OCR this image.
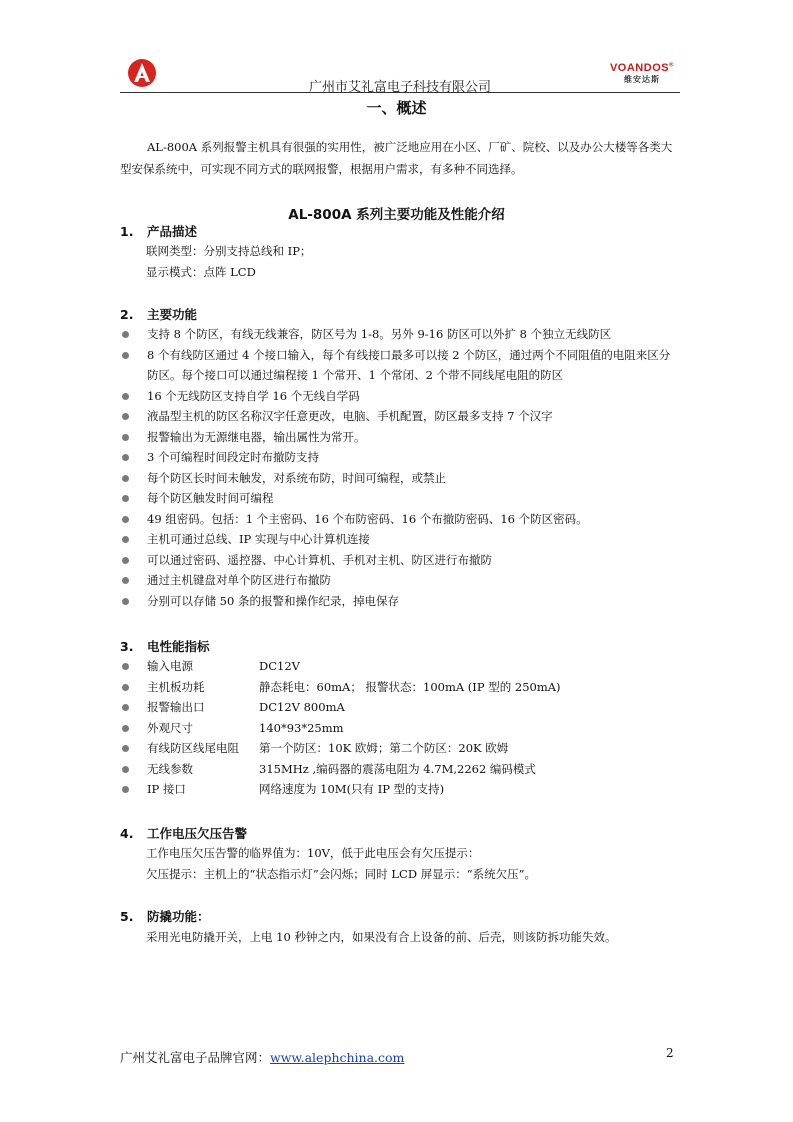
广州市艾礼富电子科技有限公司
VOANDOS®
维安达斯
一、概述
AL-800A 系列报警主机具有很强的实用性，被广泛地应用在小区、厂矿、院校、以及办公大楼等各类大型安保系统中，可实现不同方式的联网报警，根据用户需求，有多种不同选择。
AL-800A 系列主要功能及性能介绍
1. 产品描述
联网类型：分别支持总线和 IP；
显示模式：点阵 LCD
2. 主要功能
支持 8 个防区，有线无线兼容，防区号为 1-8。另外 9-16 防区可以外扩 8 个独立无线防区
8 个有线防区通过 4 个接口输入，每个有线接口最多可以接 2 个防区，通过两个不同阻值的电阻来区分防区。每个接口可以通过编程接 1 个常开、1 个常闭、2 个带不同线尾电阻的防区
16 个无线防区支持自学 16 个无线自学码
液晶型主机的防区名称汉字任意更改，电脑、手机配置，防区最多支持 7 个汉字
报警输出为无源继电器，输出属性为常开。
3 个可编程时间段定时布撤防支持
每个防区长时间未触发，对系统布防，时间可编程，或禁止
每个防区触发时间可编程
49 组密码。包括：1 个主密码、16 个布防密码、16 个布撤防密码、16 个防区密码。
主机可通过总线、IP 实现与中心计算机连接
可以通过密码、遥控器、中心计算机、手机对主机、防区进行布撤防
通过主机键盘对单个防区进行布撤防
分别可以存储 50 条的报警和操作纪录，掉电保存
3. 电性能指标
输入电源	DC12V
主机板功耗	静态耗电：60mA； 报警状态：100mA (IP 型的 250mA)
报警输出口	DC12V 800mA
外观尺寸	140*93*25mm
有线防区线尾电阻 第一个防区：10K 欧姆；第二个防区：20K 欧姆
无线参数	315MHz ,编码器的震荡电阻为 4.7M,2262 编码模式
IP 接口	网络速度为 10M(只有 IP 型的支持)
4. 工作电压欠压告警
工作电压欠压告警的临界值为：10V，低于此电压会有欠压提示：
欠压提示：主机上的“状态指示灯”会闪烁；同时 LCD 屏显示：“系统欠压”。
5. 防撬功能：
采用光电防撬开关，上电 10 秒钟之内，如果没有合上设备的前、后壳，则该防拆功能失效。
广州艾礼富电子品牌官网：www.alephchina.com	2
